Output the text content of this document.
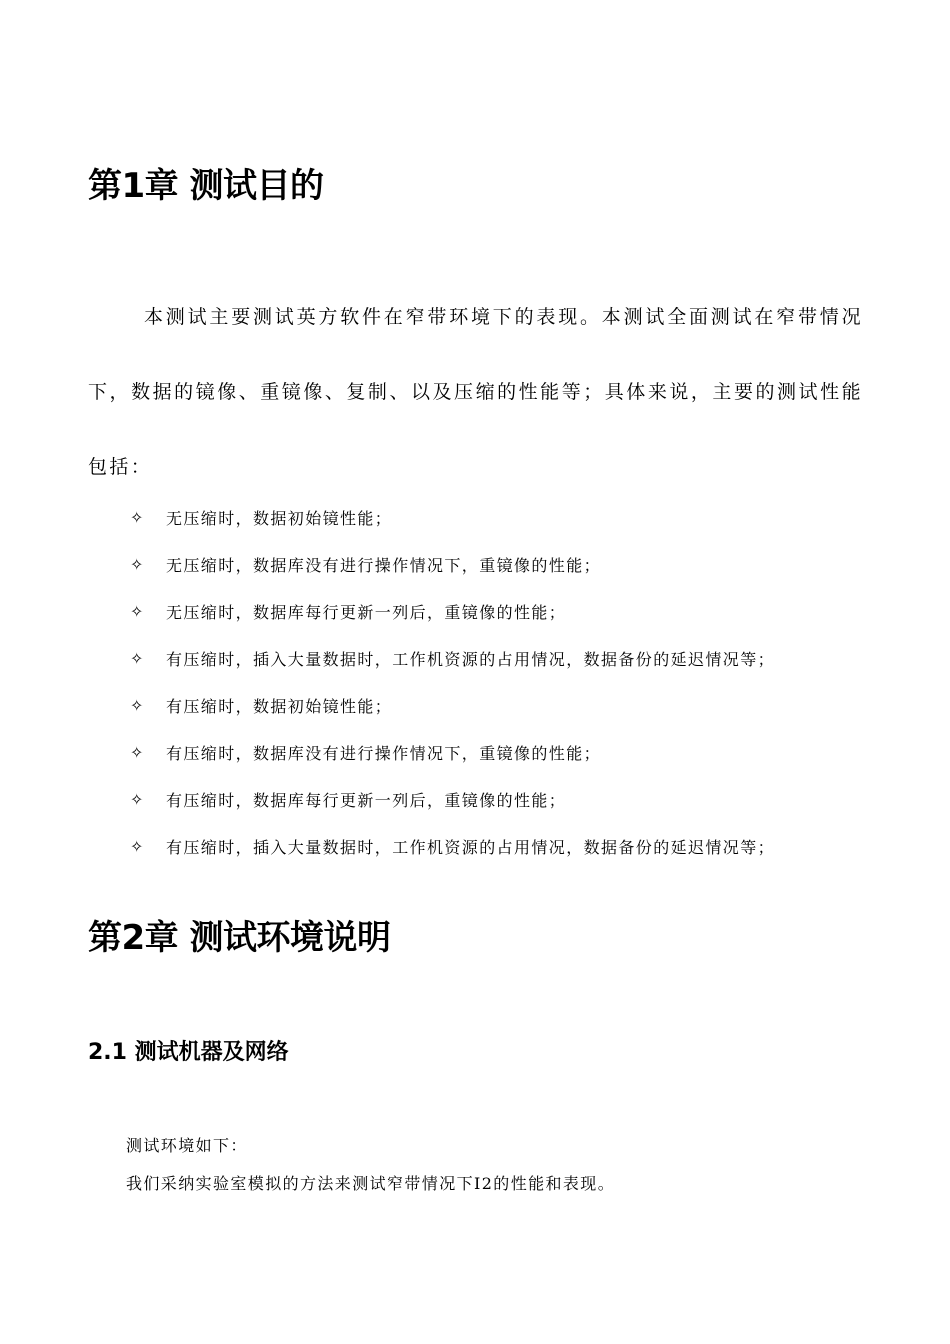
第1章 测试目的

本测试主要测试英方软件在窄带环境下的表现。本测试全面测试在窄带情况下，数据的镜像、重镜像、复制、以及压缩的性能等；具体来说，主要的测试性能包括：

✧	无压缩时，数据初始镜性能；
✧	无压缩时，数据库没有进行操作情况下，重镜像的性能；
✧	无压缩时，数据库每行更新一列后，重镜像的性能；
✧	有压缩时，插入大量数据时，工作机资源的占用情况，数据备份的延迟情况等；
✧	有压缩时，数据初始镜性能；
✧	有压缩时，数据库没有进行操作情况下，重镜像的性能；
✧	有压缩时，数据库每行更新一列后，重镜像的性能；
✧	有压缩时，插入大量数据时，工作机资源的占用情况，数据备份的延迟情况等；
第2章 测试环境说明
2.1 测试机器及网络

测试环境如下：

我们采纳实验室模拟的方法来测试窄带情况下I2的性能和表现。
